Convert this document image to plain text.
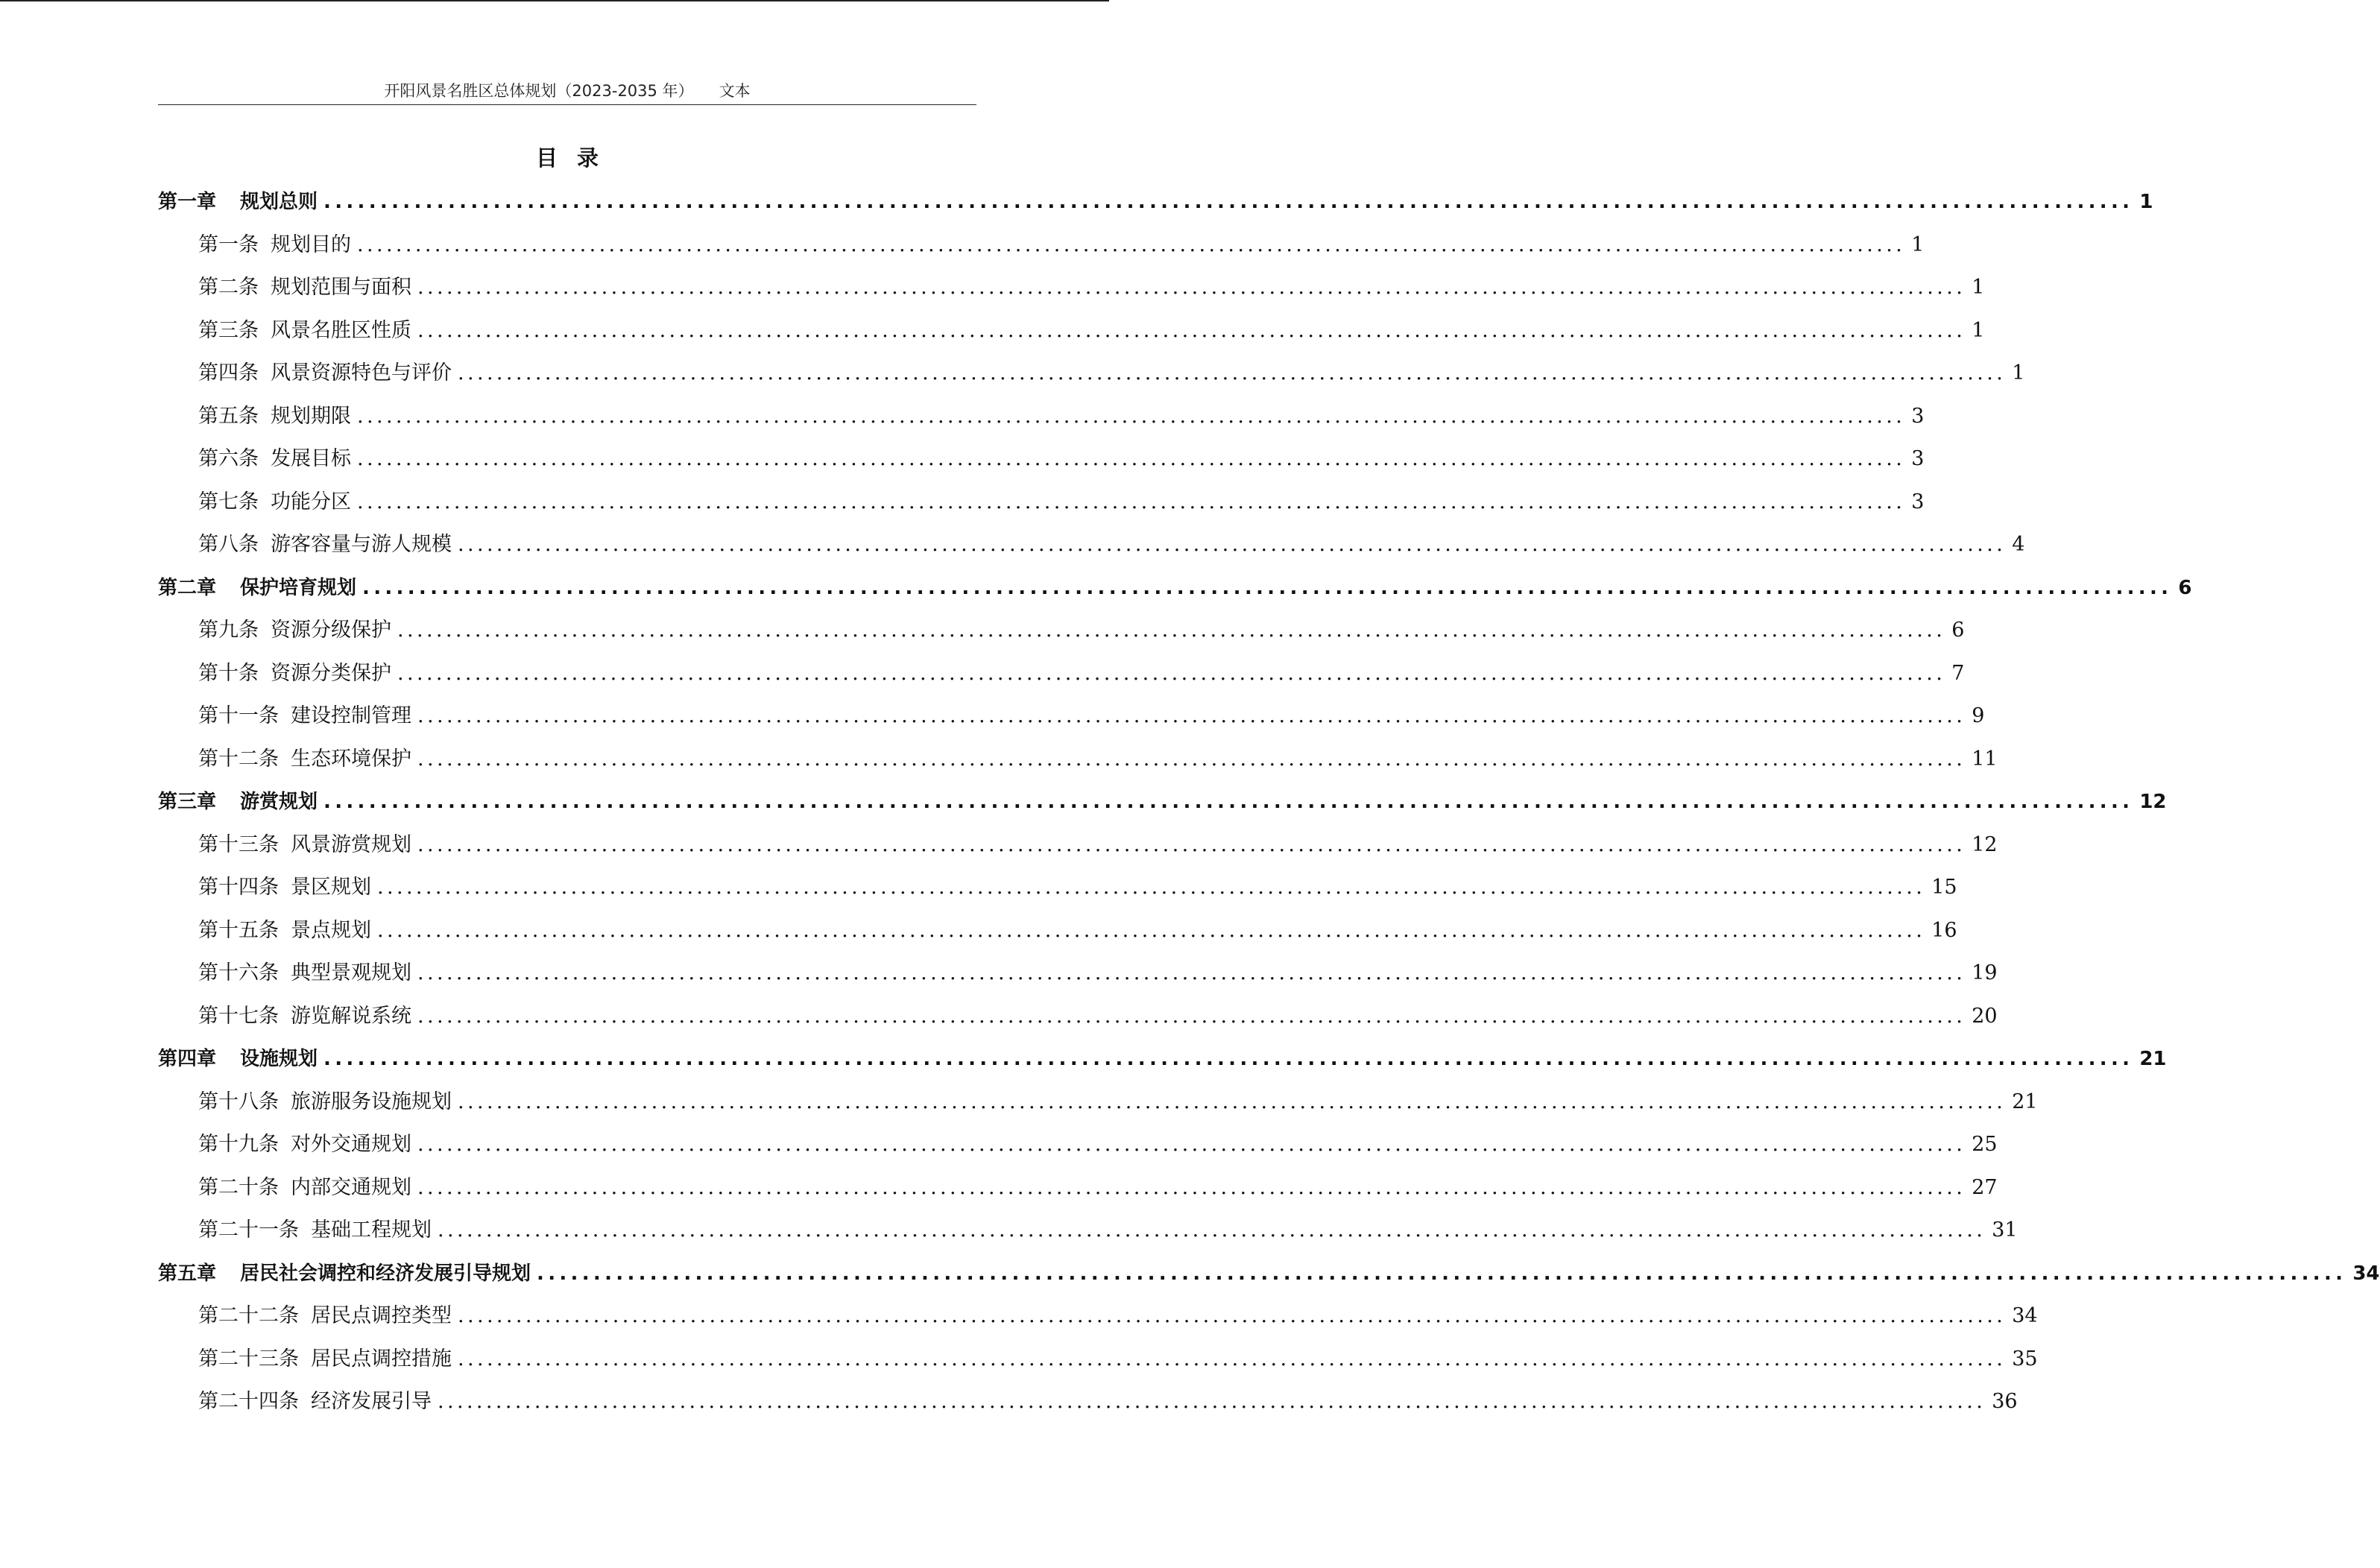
开阳风景名胜区总体规划（2023-2035 年） 文本
目录
第一章 规划总则 ................................................................................................................................................................ 1
第一条 规划目的 ................................................................................................................................................................ 1
第二条 规划范围与面积 ................................................................................................................................................................ 1
第三条 风景名胜区性质 ................................................................................................................................................................ 1
第四条 风景资源特色与评价 ................................................................................................................................................................ 1
第五条 规划期限 ................................................................................................................................................................ 3
第六条 发展目标 ................................................................................................................................................................ 3
第七条 功能分区 ................................................................................................................................................................ 3
第八条 游客容量与游人规模 ................................................................................................................................................................ 4
第二章 保护培育规划 ................................................................................................................................................................ 6
第九条 资源分级保护 ................................................................................................................................................................ 6
第十条 资源分类保护 ................................................................................................................................................................ 7
第十一条 建设控制管理 ................................................................................................................................................................ 9
第十二条 生态环境保护 ................................................................................................................................................................ 11
第三章 游赏规划 ................................................................................................................................................................ 12
第十三条 风景游赏规划 ................................................................................................................................................................ 12
第十四条 景区规划 ................................................................................................................................................................ 15
第十五条 景点规划 ................................................................................................................................................................ 16
第十六条 典型景观规划 ................................................................................................................................................................ 19
第十七条 游览解说系统 ................................................................................................................................................................ 20
第四章 设施规划 ................................................................................................................................................................ 21
第十八条 旅游服务设施规划 ................................................................................................................................................................ 21
第十九条 对外交通规划 ................................................................................................................................................................ 25
第二十条 内部交通规划 ................................................................................................................................................................ 27
第二十一条 基础工程规划 ................................................................................................................................................................ 31
第五章 居民社会调控和经济发展引导规划 ................................................................................................................................................................ 34
第二十二条 居民点调控类型 ................................................................................................................................................................ 34
第二十三条 居民点调控措施 ................................................................................................................................................................ 35
第二十四条 经济发展引导 ................................................................................................................................................................ 36
